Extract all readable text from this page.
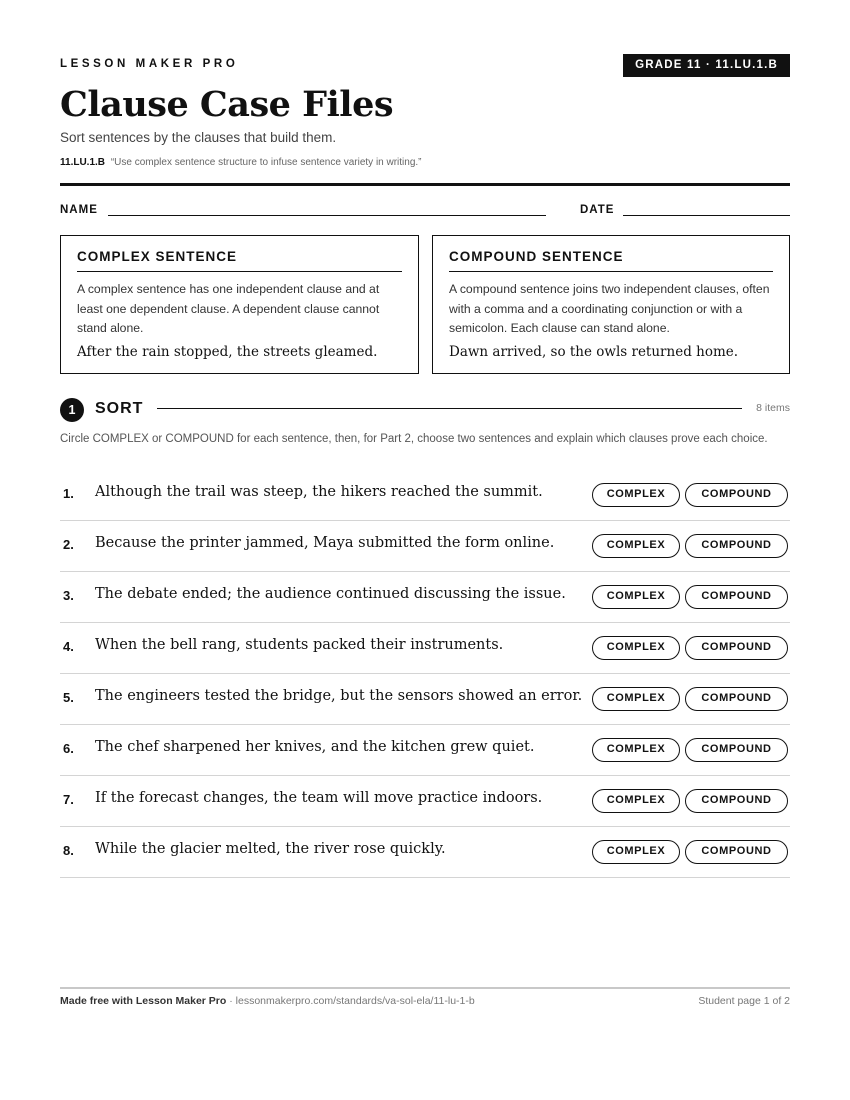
LESSON MAKER PRO	GRADE 11 · 11.LU.1.B
Clause Case Files
Sort sentences by the clauses that build them.
11.LU.1.B “Use complex sentence structure to infuse sentence variety in writing.”
NAME	DATE
COMPLEX SENTENCE
A complex sentence has one independent clause and at least one dependent clause. A dependent clause cannot stand alone.
After the rain stopped, the streets gleamed.
COMPOUND SENTENCE
A compound sentence joins two independent clauses, often with a comma and a coordinating conjunction or with a semicolon. Each clause can stand alone.
Dawn arrived, so the owls returned home.
1	SORT	8 items
Circle COMPLEX or COMPOUND for each sentence, then, for Part 2, choose two sentences and explain which clauses prove each choice.
1. Although the trail was steep, the hikers reached the summit.	COMPLEX	COMPOUND
2. Because the printer jammed, Maya submitted the form online.	COMPLEX	COMPOUND
3. The debate ended; the audience continued discussing the issue.	COMPLEX	COMPOUND
4. When the bell rang, students packed their instruments.	COMPLEX	COMPOUND
5. The engineers tested the bridge, but the sensors showed an error.	COMPLEX	COMPOUND
6. The chef sharpened her knives, and the kitchen grew quiet.	COMPLEX	COMPOUND
7. If the forecast changes, the team will move practice indoors.	COMPLEX	COMPOUND
8. While the glacier melted, the river rose quickly.	COMPLEX	COMPOUND
Made free with Lesson Maker Pro · lessonmakerpro.com/standards/va-sol-ela/11-lu-1-b	Student page 1 of 2
